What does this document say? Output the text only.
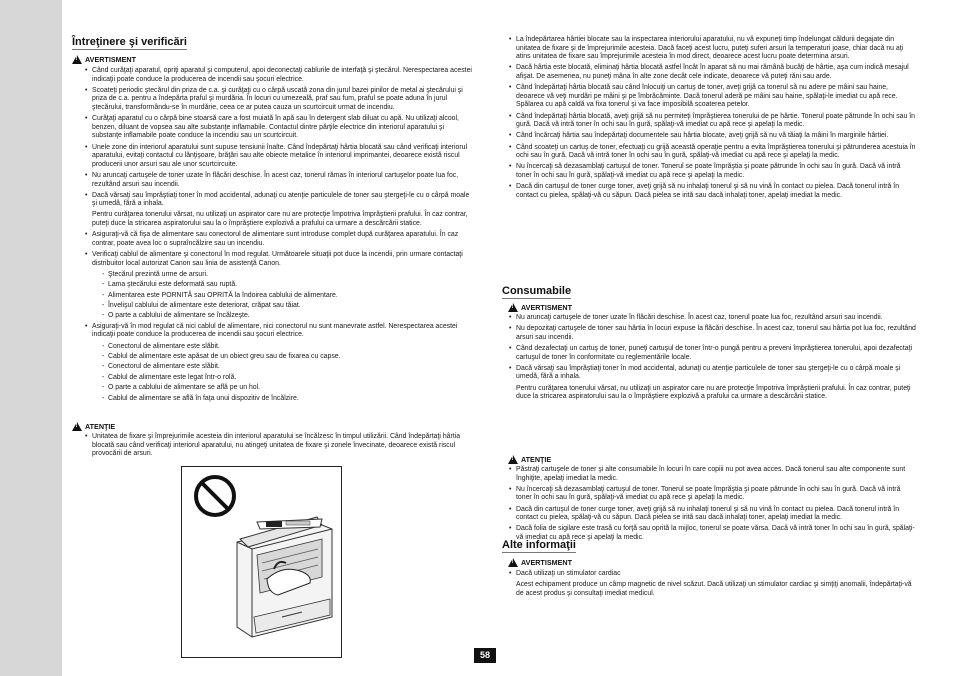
Întreţinere şi verificări
!
AVERTISMENT
• Când curăţaţi aparatul, opriţi aparatul şi computerul, apoi deconectaţi cablurile de interfaţă şi ştecărul. Nerespectarea acestei indicaţii poate conduce la producerea de incendii sau şocuri electrice.
• Scoateţi periodic ştecărul din priza de c.a. şi curăţaţi cu o cârpă uscată zona din jurul bazei pinilor de metal ai ştecărului şi priza de c.a. pentru a îndepărta praful şi murdăria. În locuri cu umezeală, praf sau fum, praful se poate aduna în jurul ştecărului, transformându-se în murdărie, ceea ce ar putea cauza un scurtcircuit urmat de incendiu.
• Curăţaţi aparatul cu o cârpă bine stoarsă care a fost muiată în apă sau în detergent slab diluat cu apă. Nu utilizaţi alcool, benzen, diluant de vopsea sau alte substanţe inflamabile. Contactul dintre părţile electrice din interiorul aparatului şi substanţe inflamabile poate conduce la incendiu sau un scurtcircuit.
• Unele zone din interiorul aparatului sunt supuse tensiunii înalte. Când îndepărtaţi hârtia blocată sau când verificaţi interiorul aparatului, evitaţi contactul cu lănţişoare, brăţări sau alte obiecte metalice în interiorul imprimantei, deoarece există riscul producerii unor arsuri sau ale unor scurtcircuite.
• Nu aruncaţi cartuşele de toner uzate în flăcări deschise. În acest caz, tonerul rămas în interiorul cartuşelor poate lua foc, rezultând arsuri sau incendii.
• Dacă vărsaţi sau împrăştiaţi toner în mod accidental, adunaţi cu atenţie particulele de toner sau ştergeţi-le cu o cârpă moale şi umedă, fără a inhala.
Pentru curăţarea tonerului vărsat, nu utilizaţi un aspirator care nu are protecţie împotriva împrăştierii prafului. În caz contrar, puteţi duce la stricarea aspiratorului sau la o împrăştiere explozivă a prafului ca urmare a descărcării statice.
• Asiguraţi-vă că fişa de alimentare sau conectorul de alimentare sunt introduse complet după curăţarea aparatului. În caz contrar, poate avea loc o supraîncălzire sau un incendiu.
• Verificaţi cablul de alimentare şi conectorul în mod regulat. Următoarele situaţii pot duce la incendii, prin urmare contactaţi distribuitor local autorizat Canon sau linia de asistenţă Canon.
- Ştecărul prezintă urme de arsuri.
- Lama ştecărului este deformată sau ruptă.
- Alimentarea este PORNITĂ sau OPRITĂ la îndoirea cablului de alimentare.
- Învelişul cablului de alimentare este deteriorat, crăpat sau tăiat.
- O parte a cablului de alimentare se încălzeşte.
• Asiguraţi-vă în mod regulat că nici cablul de alimentare, nici conectorul nu sunt manevrate astfel. Nerespectarea acestei indicaţii poate conduce la producerea de incendii sau şocuri electrice.
- Conectorul de alimentare este slăbit.
- Cablul de alimentare este apăsat de un obiect greu sau de fixarea cu capse.
- Conectorul de alimentare este slăbit.
- Cablul de alimentare este legat într-o rolă.
- O parte a cablului de alimentare se află pe un hol.
- Cablul de alimentare se află în faţa unui dispozitiv de încălzire.
!
ATENŢIE
• Unitatea de fixare şi împrejurimile acesteia din interiorul aparatului se încălzesc în timpul utilizării. Când îndepărtaţi hârtia blocată sau când verificaţi interiorul aparatului, nu atingeţi unitatea de fixare şi zonele învecinate, deoarece există riscul provocării de arsuri.
• La îndepărtarea hârtiei blocate sau la inspectarea interiorului aparatului, nu vă expuneţi timp îndelungat căldurii degajate din unitatea de fixare şi de împrejurimile acesteia. Dacă faceţi acest lucru, puteţi suferi arsuri la temperaturi joase, chiar dacă nu aţi atins unitatea de fixare sau împrejurimile acesteia în mod direct, deoarece acest lucru poate determina arsuri.
• Dacă hârtia este blocată, eliminaţi hârtia blocată astfel încât în aparat să nu mai rămână bucăţi de hârtie, aşa cum indică mesajul afişat. De asemenea, nu puneţi mâna în alte zone decât cele indicate, deoarece vă puteţi răni sau arde.
• Când îndepărtaţi hârtia blocată sau când înlocuiţi un cartuş de toner, aveţi grijă ca tonerul să nu adere pe mâini sau haine, deoarece vă veţi murdări pe mâini şi pe îmbrăcăminte. Dacă tonerul aderă pe mâini sau haine, spălaţi-le imediat cu apă rece. Spălarea cu apă caldă va fixa tonerul şi va face imposibilă scoaterea petelor.
• Când îndepărtaţi hârtia blocată, aveţi grijă să nu permiteţi împrăştierea tonerului de pe hârtie. Tonerul poate pătrunde în ochi sau în gură. Dacă vă intră toner în ochi sau în gură, spălaţi-vă imediat cu apă rece şi apelaţi la medic.
• Când încărcaţi hârtia sau îndepărtaţi documentele sau hârtia blocate, aveţi grijă să nu vă tăiaţi la mâini în marginile hârtiei.
• Când scoateţi un cartuş de toner, efectuaţi cu grijă această operaţie pentru a evita împrăştierea tonerului şi pătrunderea acestuia în ochi sau în gură. Dacă vă intră toner în ochi sau în gură, spălaţi-vă imediat cu apă rece şi apelaţi la medic.
• Nu încercaţi să dezasamblaţi cartuşul de toner. Tonerul se poate împrăştia şi poate pătrunde în ochi sau în gură. Dacă vă intră toner în ochi sau în gură, spălaţi-vă imediat cu apă rece şi apelaţi la medic.
• Dacă din cartuşul de toner curge toner, aveţi grijă să nu inhalaţi tonerul şi să nu vină în contact cu pielea. Dacă tonerul intră în contact cu pielea, spălaţi-vă cu săpun. Dacă pielea se irită sau dacă inhalaţi toner, apelaţi imediat la medic.
Consumabile
!
AVERTISMENT
• Nu aruncaţi cartuşele de toner uzate în flăcări deschise. În acest caz, tonerul poate lua foc, rezultând arsuri sau incendii.
• Nu depozitaţi cartuşele de toner sau hârtia în locuri expuse la flăcări deschise. În acest caz, tonerul sau hârtia pot lua foc, rezultând arsuri sau incendii.
• Când dezafectaţi un cartuş de toner, puneţi cartuşul de toner într-o pungă pentru a preveni împrăştierea tonerului, apoi dezafectaţi cartuşul de toner în conformitate cu reglementările locale.
• Dacă vărsaţi sau împrăştiaţi toner în mod accidental, adunaţi cu atenţie particulele de toner sau ştergeţi-le cu o cârpă moale şi umedă, fără a inhala.
Pentru curăţarea tonerului vărsat, nu utilizaţi un aspirator care nu are protecţie împotriva împrăştierii prafului. În caz contrar, puteţi duce la stricarea aspiratorului sau la o împrăştiere explozivă a prafului ca urmare a descărcării statice.
!
ATENŢIE
• Păstraţi cartuşele de toner şi alte consumabile în locuri în care copiii nu pot avea acces. Dacă tonerul sau alte componente sunt înghiţite, apelaţi imediat la medic.
• Nu încercaţi să dezasamblaţi cartuşul de toner. Tonerul se poate împrăştia şi poate pătrunde în ochi sau în gură. Dacă vă intră toner în ochi sau în gură, spălaţi-vă imediat cu apă rece şi apelaţi la medic.
• Dacă din cartuşul de toner curge toner, aveţi grijă să nu inhalaţi tonerul şi să nu vină în contact cu pielea. Dacă tonerul intră în contact cu pielea, spălaţi-vă cu săpun. Dacă pielea se irită sau dacă inhalaţi toner, apelaţi imediat la medic.
• Dacă folia de sigilare este trasă cu forţă sau oprită la mijloc, tonerul se poate vărsa. Dacă vă intră toner în ochi sau în gură, spălaţi-vă imediat cu apă rece şi apelaţi la medic.
Alte informaţii
!
AVERTISMENT
• Dacă utilizaţi un stimulator cardiac
Acest echipament produce un câmp magnetic de nivel scăzut. Dacă utilizaţi un stimulator cardiac şi simţiţi anomalii, îndepărtaţi-vă de acest produs şi consultaţi imediat medicul.
58
